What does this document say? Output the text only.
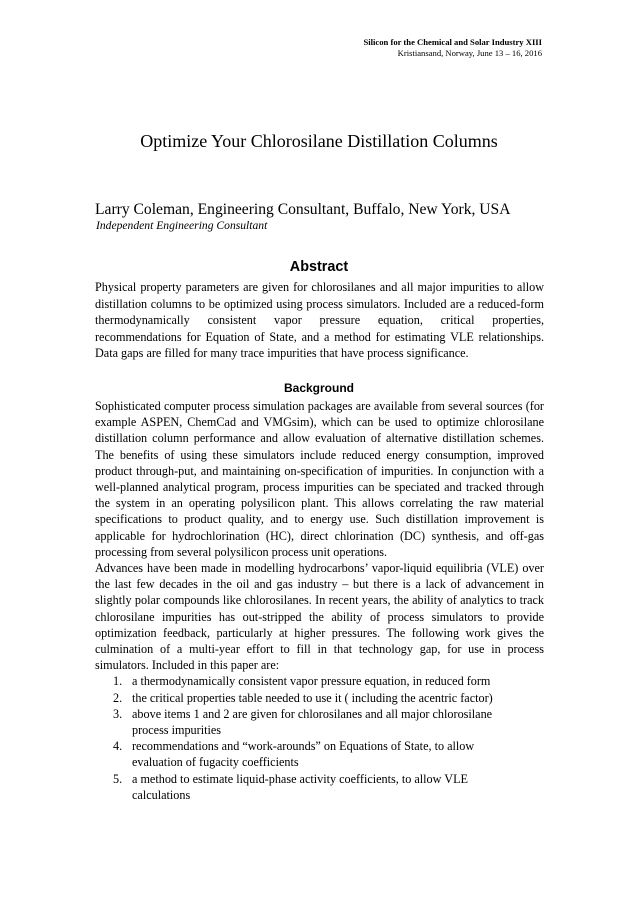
Silicon for the Chemical and Solar Industry XIII
Kristiansand, Norway, June 13 – 16, 2016
Optimize Your Chlorosilane Distillation Columns
Larry Coleman, Engineering Consultant, Buffalo, New York, USA
Independent Engineering Consultant
Abstract

Physical property parameters are given for chlorosilanes and all major impurities to allow distillation columns to be optimized using process simulators. Included are a reduced-form thermodynamically consistent vapor pressure equation, critical properties, recommendations for Equation of State, and a method for estimating VLE relationships. Data gaps are filled for many trace impurities that have process significance.

Background

Sophisticated computer process simulation packages are available from several sources (for example ASPEN, ChemCad and VMGsim), which can be used to optimize chlorosilane distillation column performance and allow evaluation of alternative distillation schemes. The benefits of using these simulators include reduced energy consumption, improved product through-put, and maintaining on-specification of impurities. In conjunction with a well-planned analytical program, process impurities can be speciated and tracked through the system in an operating polysilicon plant. This allows correlating the raw material specifications to product quality, and to energy use. Such distillation improvement is applicable for hydrochlorination (HC), direct chlorination (DC) synthesis, and off-gas processing from several polysilicon process unit operations.

Advances have been made in modelling hydrocarbons’ vapor-liquid equilibria (VLE) over the last few decades in the oil and gas industry – but there is a lack of advancement in slightly polar compounds like chlorosilanes. In recent years, the ability of analytics to track chlorosilane impurities has out-stripped the ability of process simulators to provide optimization feedback, particularly at higher pressures. The following work gives the culmination of a multi-year effort to fill in that technology gap, for use in process simulators. Included in this paper are:

1. a thermodynamically consistent vapor pressure equation, in reduced form
2. the critical properties table needed to use it ( including the acentric factor)
3. above items 1 and 2 are given for chlorosilanes and all major chlorosilane process impurities
4. recommendations and “work-arounds” on Equations of State, to allow evaluation of fugacity coefficients
5. a method to estimate liquid-phase activity coefficients, to allow VLE calculations
